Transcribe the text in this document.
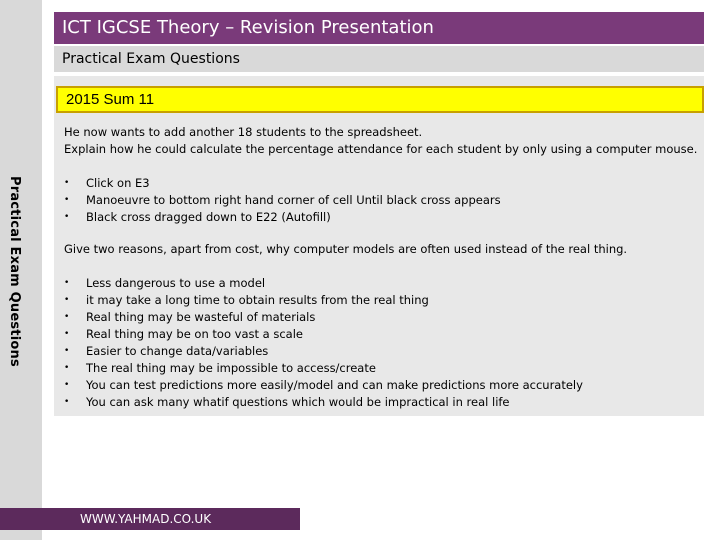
ICT IGCSE Theory – Revision Presentation
Practical Exam Questions
2015 Sum 11
Practical Exam Questions
He now wants to add another 18 students to the spreadsheet.
Explain how he could calculate the percentage attendance for each student by only using a computer mouse.
• Click on E3
• Manoeuvre to bottom right hand corner of cell Until black cross appears
• Black cross dragged down to E22 (Autofill)
Give two reasons, apart from cost, why computer models are often used instead of the real thing.
• Less dangerous to use a model
• it may take a long time to obtain results from the real thing
• Real thing may be wasteful of materials
• Real thing may be on too vast a scale
• Easier to change data/variables
• The real thing may be impossible to access/create
• You can test predictions more easily/model and can make predictions more accurately
• You can ask many whatif questions which would be impractical in real life
WWW.YAHMAD.CO.UK
